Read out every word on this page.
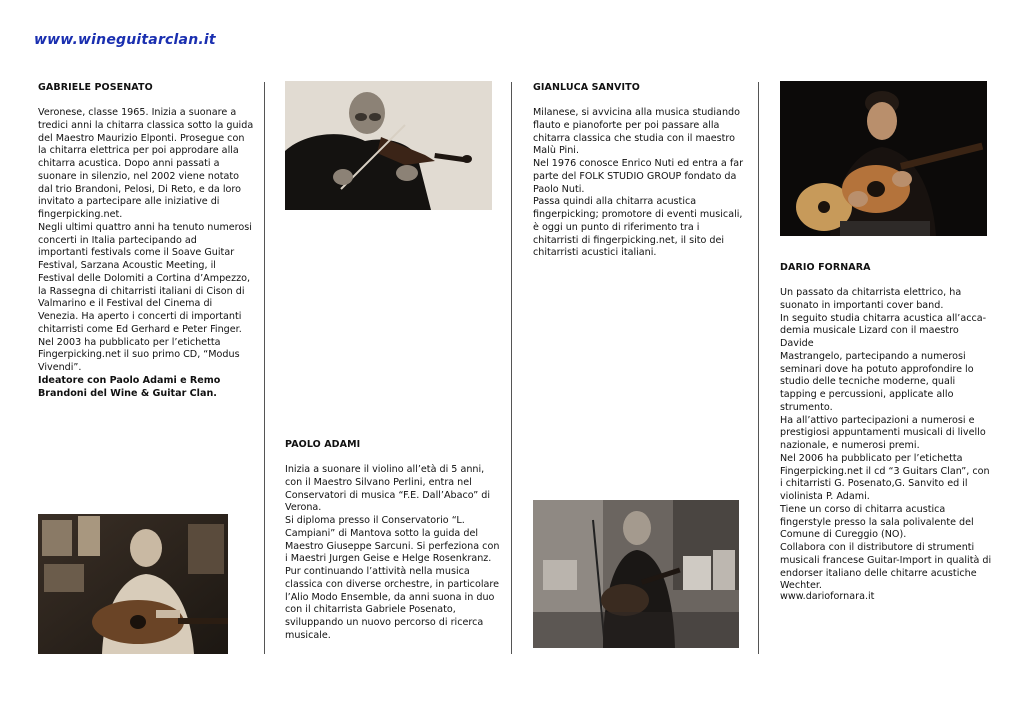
www.wineguitarclan.it
GABRIELE POSENATO

Veronese, classe 1965. Inizia a suonare a

tredici anni la chitarra classica sotto la guida

del Maestro Maurizio Elponti. Prosegue con

la chitarra elettrica per poi approdare alla

chitarra acustica. Dopo anni passati a

suonare in silenzio, nel 2002 viene notato

dal trio Brandoni, Pelosi, Di Reto, e da loro

invitato a partecipare alle iniziative di

fingerpicking.net.

Negli ultimi quattro anni ha tenuto numerosi

concerti in Italia partecipando ad

importanti festivals come il Soave Guitar

Festival, Sarzana Acoustic Meeting, il

Festival delle Dolomiti a Cortina d’Ampezzo,

la Rassegna di chitarristi italiani di Cison di

Valmarino e il Festival del Cinema di

Venezia. Ha aperto i concerti di importanti

chitarristi come Ed Gerhard e Peter Finger.

Nel 2003 ha pubblicato per l’etichetta

Fingerpicking.net il suo primo CD, “Modus

Vivendi”.

Ideatore con Paolo Adami e Remo

Brandoni del Wine & Guitar Clan.

PAOLO ADAMI

Inizia a suonare il violino all’età di 5 anni,

con il Maestro Silvano Perlini, entra nel

Conservatori di musica “F.E. Dall’Abaco” di

Verona.

Si diploma presso il Conservatorio “L.

Campiani” di Mantova sotto la guida del

Maestro Giuseppe Sarcuni. Si perfeziona con

i Maestri Jurgen Geise e Helge Rosenkranz.

Pur continuando l’attività nella musica

classica con diverse orchestre, in particolare

l’Alio Modo Ensemble, da anni suona in duo

con il chitarrista Gabriele Posenato,

sviluppando un nuovo percorso di ricerca

musicale.

GIANLUCA SANVITO

Milanese, si avvicina alla musica studiando

flauto e pianoforte per poi passare alla

chitarra classica che studia con il maestro

Malù Pini.

Nel 1976 conosce Enrico Nuti ed entra a far

parte del FOLK STUDIO GROUP fondato da

Paolo Nuti.

Passa quindi alla chitarra acustica

fingerpicking; promotore di eventi musicali,

è oggi un punto di riferimento tra i

chitarristi di fingerpicking.net, il sito dei

chitarristi acustici italiani.

DARIO FORNARA

Un passato da chitarrista elettrico, ha

suonato in importanti cover band.

In seguito studia chitarra acustica all’acca-

demia musicale Lizard con il maestro Davide

Mastrangelo, partecipando a numerosi

seminari dove ha potuto approfondire lo

studio delle tecniche moderne, quali

tapping e percussioni, applicate allo

strumento.

Ha all’attivo partecipazioni a numerosi e

prestigiosi appuntamenti musicali di livello

nazionale, e numerosi premi.

Nel 2006 ha pubblicato per l’etichetta

Fingerpicking.net il cd “3 Guitars Clan”, con

i chitarristi G. Posenato,G. Sanvito ed il

violinista P. Adami.

Tiene un corso di chitarra acustica

fingerstyle presso la sala polivalente del

Comune di Cureggio (NO).

Collabora con il distributore di strumenti

musicali francese Guitar-Import in qualità di

endorser italiano delle chitarre acustiche

Wechter.

www.dariofornara.it
